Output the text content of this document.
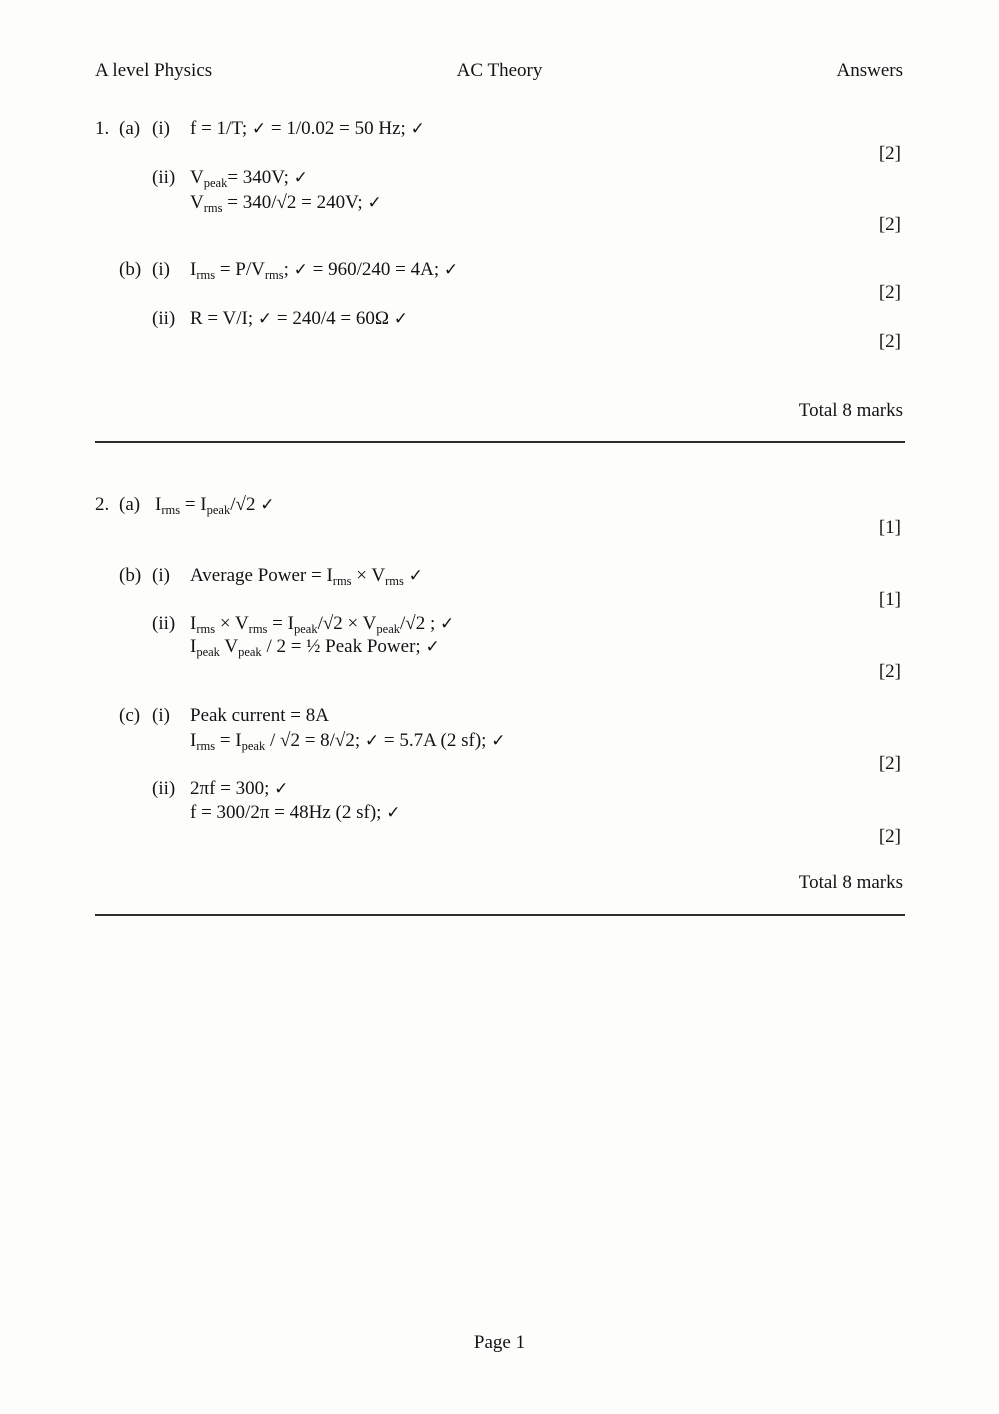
A level Physics	AC Theory	Answers
1. (a) (i) f = 1/T; ✓ = 1/0.02 = 50 Hz; ✓
[2]
(ii) $V_{peak}= 340V$; ✓
$V_{rms} = 340/√2 = 240V$; ✓
[2]
(b) (i) $I_{rms} = P/V_{rms}$; ✓ = 960/240 = 4A; ✓
[2]
(ii) R = V/I; ✓ = 240/4 = 60Ω ✓
[2]
Total 8 marks
2. (a) $I_{rms} = I_{peak}/√2$ ✓
[1]
(b) (i) Average Power = $I_{rms} \times V_{rms}$ ✓
[1]
(ii) $I_{rms} \times V_{rms} = I_{peak}/√2 \times V_{peak}/√2$ ; ✓
$I_{peak}$ $V_{peak} / 2$ = ½ Peak Power; ✓
[2]
(c) (i) Peak current = 8A
$I_{rms} = I_{peak} / √2 = 8/√2$; ✓ = 5.7A (2 sf); ✓
[2]
(ii) 2πf = 300; ✓
f = 300/2π = 48Hz (2 sf); ✓
[2]
Total 8 marks
Page 1
